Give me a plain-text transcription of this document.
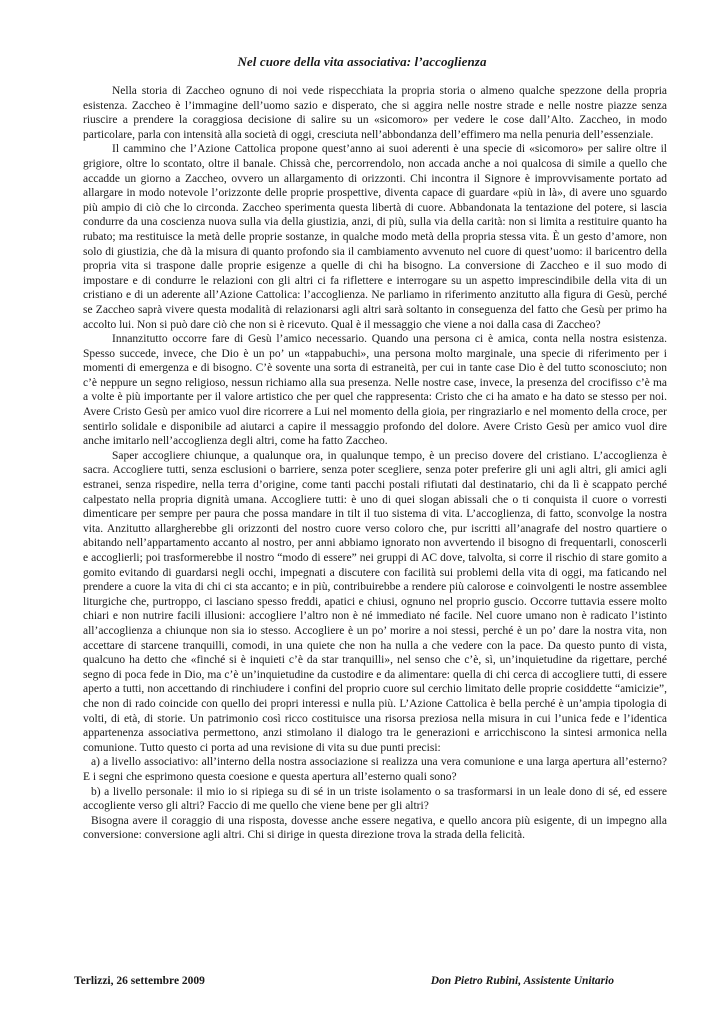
Nel cuore della vita associativa: l’accoglienza

Nella storia di Zaccheo ognuno di noi vede rispecchiata la propria storia o almeno qualche spezzone della propria esistenza. Zaccheo è l’immagine dell’uomo sazio e disperato, che si aggira nelle nostre strade e nelle nostre piazze senza riuscire a prendere la coraggiosa decisione di salire su un «sicomoro» per vedere le cose dall’Alto. Zaccheo, in modo particolare, parla con intensità alla società di oggi, cresciuta nell’abbondanza dell’effimero ma nella penuria dell’essenziale.

Il cammino che l’Azione Cattolica propone quest’anno ai suoi aderenti è una specie di «sicomoro» per salire oltre il grigiore, oltre lo scontato, oltre il banale. Chissà che, percorrendolo, non accada anche a noi qualcosa di simile a quello che accadde un giorno a Zaccheo, ovvero un allargamento di orizzonti. Chi incontra il Signore è improvvisamente portato ad allargare in modo notevole l’orizzonte delle proprie prospettive, diventa capace di guardare «più in là», di avere uno sguardo più ampio di ciò che lo circonda. Zaccheo sperimenta questa libertà di cuore. Abbandonata la tentazione del potere, si lascia condurre da una coscienza nuova sulla via della giustizia, anzi, di più, sulla via della carità: non si limita a restituire quanto ha rubato; ma restituisce la metà delle proprie sostanze, in qualche modo metà della propria stessa vita. È un gesto d’amore, non solo di giustizia, che dà la misura di quanto profondo sia il cambiamento avvenuto nel cuore di quest’uomo: il baricentro della propria vita si traspone dalle proprie esigenze a quelle di chi ha bisogno. La conversione di Zaccheo e il suo modo di impostare e di condurre le relazioni con gli altri ci fa riflettere e interrogare su un aspetto imprescindibile della vita di un cristiano e di un aderente all’Azione Cattolica: l’accoglienza. Ne parliamo in riferimento anzitutto alla figura di Gesù, perché se Zaccheo saprà vivere questa modalità di relazionarsi agli altri sarà soltanto in conseguenza del fatto che Gesù per primo ha accolto lui. Non si può dare ciò che non si è ricevuto. Qual è il messaggio che viene a noi dalla casa di Zaccheo?

Innanzitutto occorre fare di Gesù l’amico necessario. Quando una persona ci è amica, conta nella nostra esistenza. Spesso succede, invece, che Dio è un po’ un «tappabuchi», una persona molto marginale, una specie di riferimento per i momenti di emergenza e di bisogno. C’è sovente una sorta di estraneità, per cui in tante case Dio è del tutto sconosciuto; non c’è neppure un segno religioso, nessun richiamo alla sua presenza. Nelle nostre case, invece, la presenza del crocifisso c’è ma a volte è più importante per il valore artistico che per quel che rappresenta: Cristo che ci ha amato e ha dato se stesso per noi. Avere Cristo Gesù per amico vuol dire ricorrere a Lui nel momento della gioia, per ringraziarlo e nel momento della croce, per sentirlo solidale e disponibile ad aiutarci a capire il messaggio profondo del dolore. Avere Cristo Gesù per amico vuol dire anche imitarlo nell’accoglienza degli altri, come ha fatto Zaccheo.

Saper accogliere chiunque, a qualunque ora, in qualunque tempo, è un preciso dovere del cristiano. L’accoglienza è sacra. Accogliere tutti, senza esclusioni o barriere, senza poter scegliere, senza poter preferire gli uni agli altri, gli amici agli estranei, senza rispedire, nella terra d’origine, come tanti pacchi postali rifiutati dal destinatario, chi da lì è scappato perché calpestato nella propria dignità umana. Accogliere tutti: è uno di quei slogan abissali che o ti conquista il cuore o vorresti dimenticare per sempre per paura che possa mandare in tilt il tuo sistema di vita. L’accoglienza, di fatto, sconvolge la nostra vita. Anzitutto allargherebbe gli orizzonti del nostro cuore verso coloro che, pur iscritti all’anagrafe del nostro quartiere o abitando nell’appartamento accanto al nostro, per anni abbiamo ignorato non avvertendo il bisogno di frequentarli, conoscerli e accoglierli; poi trasformerebbe il nostro “modo di essere” nei gruppi di AC dove, talvolta, si corre il rischio di stare gomito a gomito evitando di guardarsi negli occhi, impegnati a discutere con facilità sui problemi della vita di oggi, ma faticando nel prendere a cuore la vita di chi ci sta accanto; e in più, contribuirebbe a rendere più calorose e coinvolgenti le nostre assemblee liturgiche che, purtroppo, ci lasciano spesso freddi, apatici e chiusi, ognuno nel proprio guscio. Occorre tuttavia essere molto chiari e non nutrire facili illusioni: accogliere l’altro non è né immediato né facile. Nel cuore umano non è radicato l’istinto all’accoglienza a chiunque non sia io stesso. Accogliere è un po’ morire a noi stessi, perché è un po’ dare la nostra vita, non accettare di starcene tranquilli, comodi, in una quiete che non ha nulla a che vedere con la pace. Da questo punto di vista, qualcuno ha detto che «finché si è inquieti c’è da star tranquilli», nel senso che c’è, sì, un’inquietudine da rigettare, perché segno di poca fede in Dio, ma c’è un’inquietudine da custodire e da alimentare: quella di chi cerca di accogliere tutti, di essere aperto a tutti, non accettando di rinchiudere i confini del proprio cuore sul cerchio limitato delle proprie cosiddette “amicizie”, che non di rado coincide con quello dei propri interessi e nulla più. L’Azione Cattolica è bella perché è un’ampia tipologia di volti, di età, di storie. Un patrimonio così ricco costituisce una risorsa preziosa nella misura in cui l’unica fede e l’identica appartenenza associativa permettono, anzi stimolano il dialogo tra le generazioni e arricchiscono la sintesi armonica nella comunione. Tutto questo ci porta ad una revisione di vita su due punti precisi:

a) a livello associativo: all’interno della nostra associazione si realizza una vera comunione e una larga apertura all’esterno? E i segni che esprimono questa coesione e questa apertura all’esterno quali sono?

b) a livello personale: il mio io si ripiega su di sé in un triste isolamento o sa trasformarsi in un leale dono di sé, ed essere accogliente verso gli altri? Faccio di me quello che viene bene per gli altri?

Bisogna avere il coraggio di una risposta, dovesse anche essere negativa, e quello ancora più esigente, di un impegno alla conversione: conversione agli altri. Chi si dirige in questa direzione trova la strada della felicità.

Terlizzi, 26 settembre 2009	Don Pietro Rubini, Assistente Unitario
